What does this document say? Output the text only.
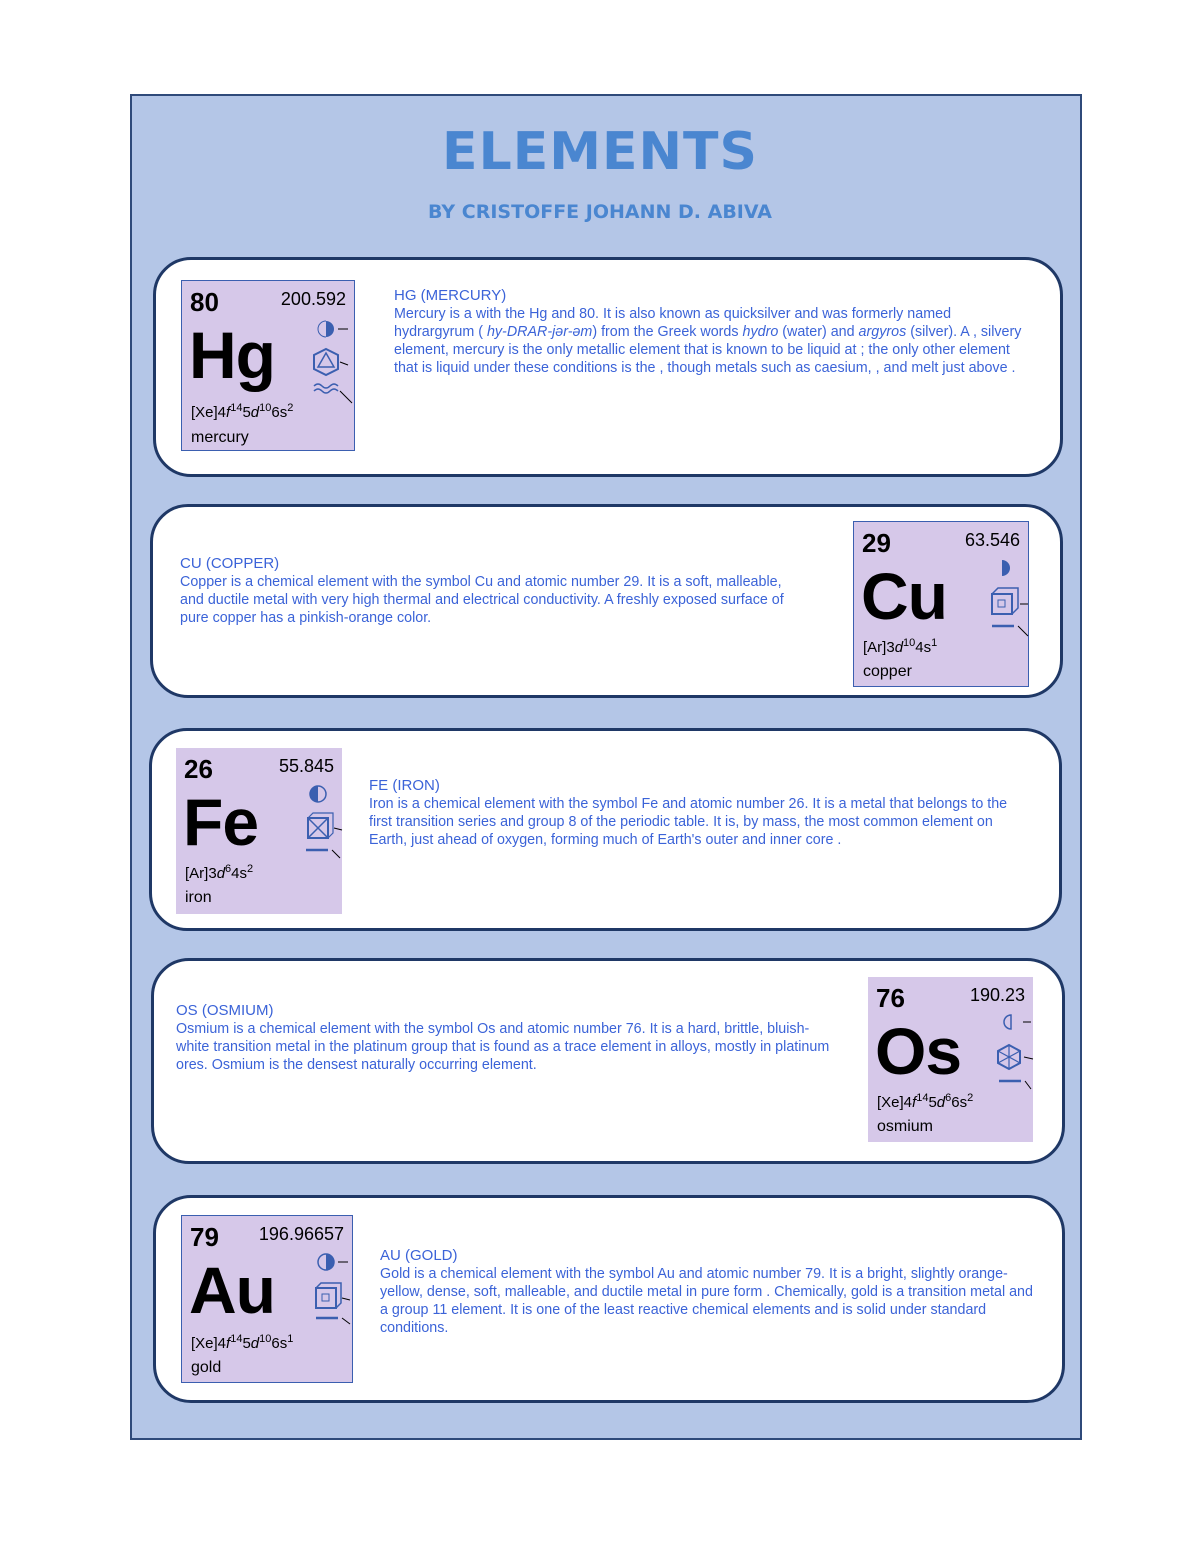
ELEMENTS
BY CRISTOFFE JOHANN D. ABIVA
80	200.592
Hg
$[Xe]4f^{14}5d^{10}6s^2$
mercury
HG (MERCURY)
Mercury is a with the Hg and 80. It is also known as quicksilver and was formerly named hydrargyrum ( hy-DRAR-jər-əm) from the Greek words hydro (water) and argyros (silver). A , silvery element, mercury is the only metallic element that is known to be liquid at ; the only other element that is liquid under these conditions is the , though metals such as caesium, , and melt just above .
CU (COPPER)
Copper is a chemical element with the symbol Cu and atomic number 29. It is a soft, malleable, and ductile metal with very high thermal and electrical conductivity. A freshly exposed surface of pure copper has a pinkish-orange color.
29	63.546
Cu
$[Ar]3d^{10}4s^1$
copper
26	55.845
Fe
$[Ar]3d^64s^2$
iron
FE (IRON)
Iron is a chemical element with the symbol Fe and atomic number 26. It is a metal that belongs to the first transition series and group 8 of the periodic table. It is, by mass, the most common element on Earth, just ahead of oxygen, forming much of Earth's outer and inner core .
OS (OSMIUM)
Osmium is a chemical element with the symbol Os and atomic number 76. It is a hard, brittle, bluish-white transition metal in the platinum group that is found as a trace element in alloys, mostly in platinum ores. Osmium is the densest naturally occurring element.
76	190.23
Os
$[Xe]4f^{14}5d^66s^2$
osmium
79 196.96657
Au
$[Xe]4f^{14}5d^{10}6s^1$
gold
AU (GOLD)
Gold is a chemical element with the symbol Au and atomic number 79. It is a bright, slightly orange-yellow, dense, soft, malleable, and ductile metal in pure form . Chemically, gold is a transition metal and a group 11 element. It is one of the least reactive chemical elements and is solid under standard conditions.
